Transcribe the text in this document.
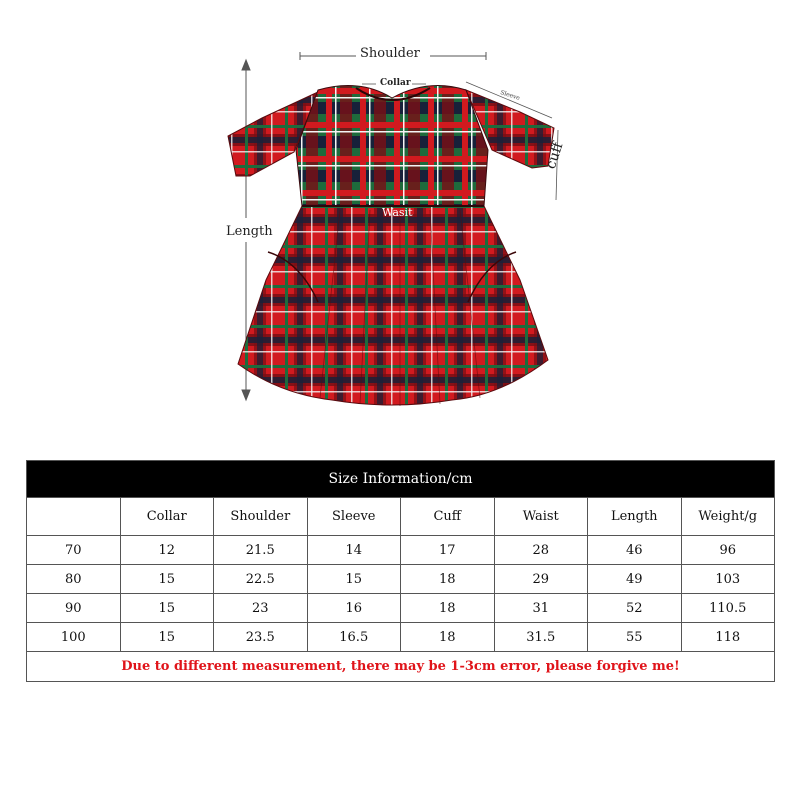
Shoulder
Collar
Length
Wasit
cuff
Sleeve
Size Information/cm							
	Collar	Shoulder	Sleeve	Cuff	Waist	Length	Weight/g
70	12	21.5	14	17	28	46	96
80	15	22.5	15	18	29	49	103
90	15	23	16	18	31	52	110.5
100	15	23.5	16.5	18	31.5	55	118
Due to different measurement, there may be 1-3cm error, please forgive me!							
